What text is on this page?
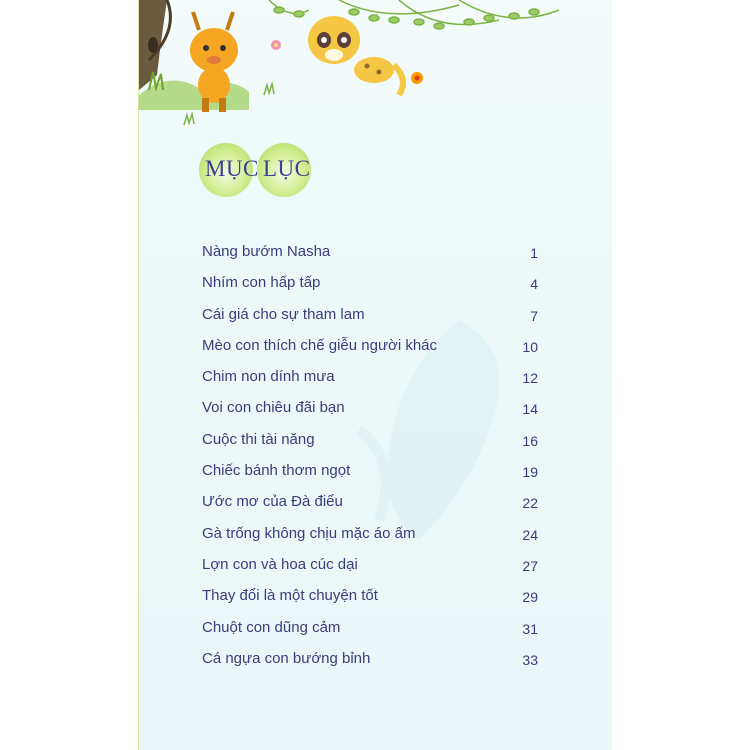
MỤC LỤC
Nàng bướm Nasha	1
Nhím con hấp tấp	4
Cái giá cho sự tham lam	7
Mèo con thích chế giễu người khác	10
Chim non dính mưa	12
Voi con chiêu đãi bạn	14
Cuộc thi tài năng	16
Chiếc bánh thơm ngọt	19
Ước mơ của Đà điểu	22
Gà trống không chịu mặc áo ấm	24
Lợn con và hoa cúc dại	27
Thay đổi là một chuyện tốt	29
Chuột con dũng cảm	31
Cá ngựa con bướng bỉnh	33
